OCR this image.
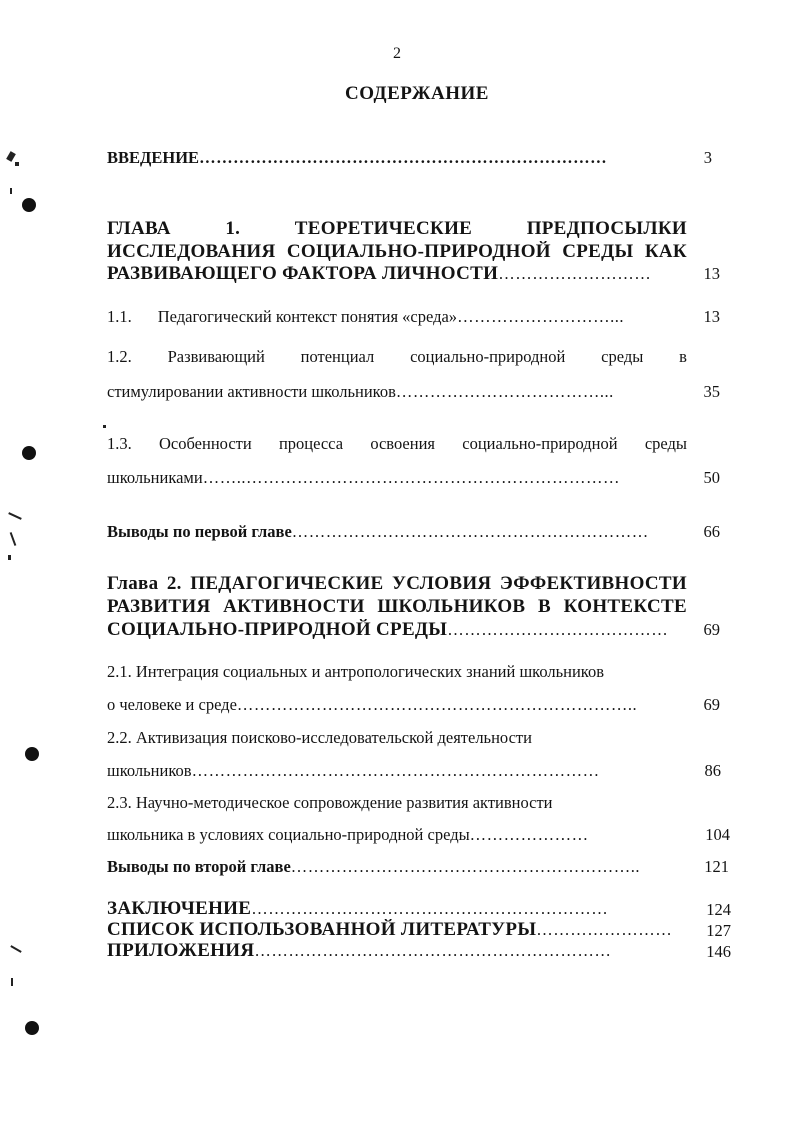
2
СОДЕРЖАНИЕ
ВВЕДЕНИЕ………………………………………………………………	3
ГЛАВА	1.	ТЕОРЕТИЧЕСКИЕ	ПРЕДПОСЫЛКИ
ИССЛЕДОВАНИЯ СОЦИАЛЬНО-ПРИРОДНОЙ СРЕДЫ КАК
РАЗВИВАЮЩЕГО ФАКТОРА ЛИЧНОСТИ………………………	13
1.1. Педагогический контекст понятия «среда»………………………...	13
1.2. Развивающий потенциал социально-природной среды в
стимулировании активности школьников………………………………...	35
1.3. Особенности процесса освоения социально-природной среды
школьниками……..…………………………………………………………	50
Выводы по первой главе………………………………………………………	66
Глава 2. ПЕДАГОГИЧЕСКИЕ УСЛОВИЯ ЭФФЕКТИВНОСТИ
РАЗВИТИЯ АКТИВНОСТИ ШКОЛЬНИКОВ В КОНТЕКСТЕ
СОЦИАЛЬНО-ПРИРОДНОЙ СРЕДЫ…………………………………	69
2.1. Интеграция социальных и антропологических знаний школьников
о человеке и среде……………………………………………………………..	69
2.2. Активизация поисково-исследовательской деятельности
школьников………………………………………………………………	86
2.3. Научно-методическое сопровождение развития активности
школьника в условиях социально-природной среды…………………	104
Выводы по второй главе……………………………………………………..	121
ЗАКЛЮЧЕНИЕ………………………………………………………	124
СПИСОК ИСПОЛЬЗОВАННОЙ ЛИТЕРАТУРЫ……………………	127
ПРИЛОЖЕНИЯ………………………………………………………	146
